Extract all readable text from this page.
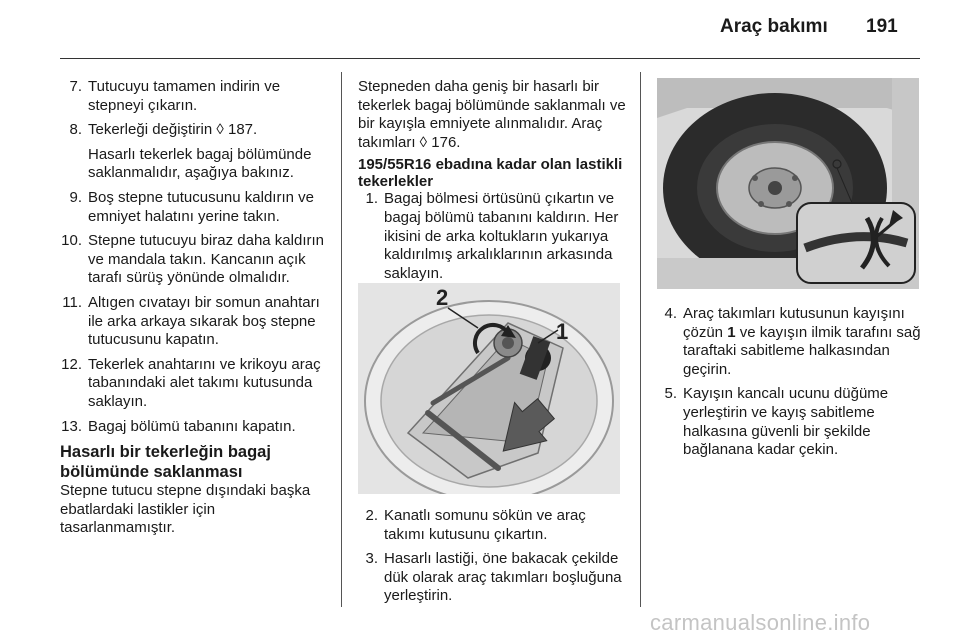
Araç bakımı 191
7. Tutucuyu tamamen indirin ve stepneyi çıkarın.
8. Tekerleği değiştirin ◊ 187.
Hasarlı tekerlek bagaj bölümünde saklanmalıdır, aşağıya bakınız.
9. Boş stepne tutucusunu kaldırın ve emniyet halatını yerine takın.
10. Stepne tutucuyu biraz daha kaldırın ve mandala takın. Kancanın açık tarafı sürüş yönünde olmalıdır.
11. Altıgen cıvatayı bir somun anahtarı ile arka arkaya sıkarak boş stepne tutucusunu kapatın.
12. Tekerlek anahtarını ve krikoyu araç tabanındaki alet takımı kutusunda saklayın.
13. Bagaj bölümü tabanını kapatın.

Hasarlı bir tekerleğin bagaj bölümünde saklanması

Stepne tutucu stepne dışındaki başka ebatlardaki lastikler için tasarlanmamıştır.

Stepneden daha geniş bir hasarlı bir tekerlek bagaj bölümünde saklanmalı ve bir kayışla emniyete alınmalıdır. Araç takımları ◊ 176.

195/55R16 ebadına kadar olan lastikli tekerlekler

1. Bagaj bölmesi örtüsünü çıkartın ve bagaj bölümü tabanını kaldırın. Her ikisini de arka koltukların yukarıya kaldırılmış arkalıklarının arkasında saklayın.
1
2
2. Kanatlı somunu sökün ve araç takımı kutusunu çıkartın.
3. Hasarlı lastiği, öne bakacak çekilde dük olarak araç takımları boşluğuna yerleştirin.
4. Araç takımları kutusunun kayışını çözün 1 ve kayışın ilmik tarafını sağ taraftaki sabitleme halkasından geçirin.
5. Kayışın kancalı ucunu düğüme yerleştirin ve kayış sabitleme halkasına güvenli bir şekilde bağlanana kadar çekin.
carmanualsonline.info
